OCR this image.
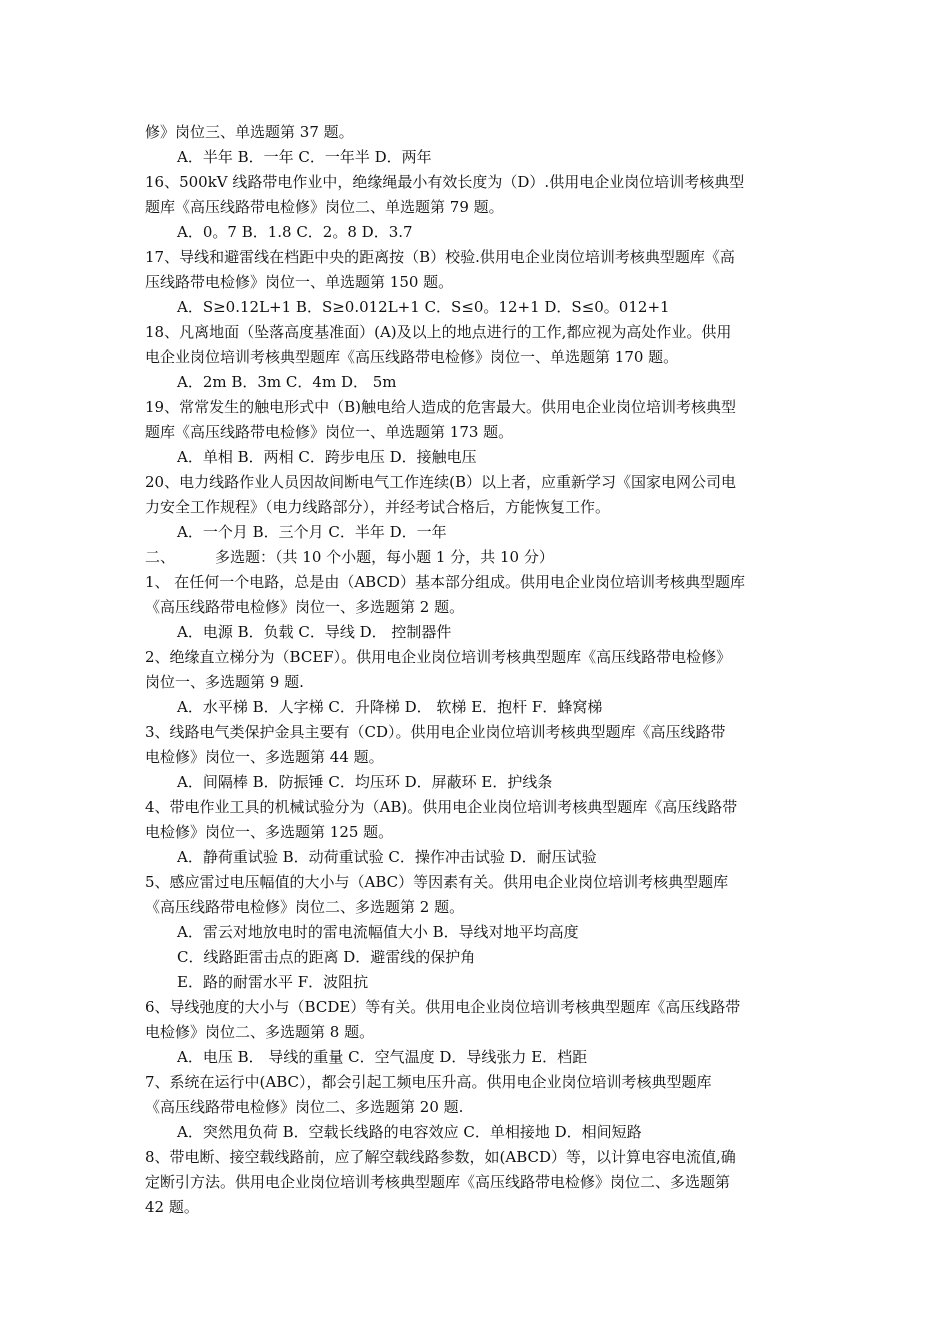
修》岗位三、单选题第 37 题。
A．半年 B．一年 C．一年半 D．两年
16、500kV 线路带电作业中，绝缘绳最小有效长度为（D）.供用电企业岗位培训考核典型
题库《高压线路带电检修》岗位二、单选题第 79 题。
A．0。7 B．1.8 C．2。8 D．3.7
17、导线和避雷线在档距中央的距离按（B）校验.供用电企业岗位培训考核典型题库《高
压线路带电检修》岗位一、单选题第 150 题。
A．S≥0.12L+1 B．S≥0.012L+1 C．S≤0。12+1 D．S≤0。012+1
18、凡离地面（坠落高度基准面）(A)及以上的地点进行的工作,都应视为高处作业。供用
电企业岗位培训考核典型题库《高压线路带电检修》岗位一、单选题第 170 题。
A．2m B．3m C．4m D． 5m
19、常常发生的触电形式中（B)触电给人造成的危害最大。供用电企业岗位培训考核典型
题库《高压线路带电检修》岗位一、单选题第 173 题。
A．单相 B．两相 C．跨步电压 D．接触电压
20、电力线路作业人员因故间断电气工作连续(B）以上者，应重新学习《国家电网公司电
力安全工作规程》（电力线路部分），并经考试合格后，方能恢复工作。
A．一个月 B．三个月 C．半年 D．一年
二、	多选题：（共 10 个小题，每小题 1 分，共 10 分）
1、 在任何一个电路，总是由（ABCD）基本部分组成。供用电企业岗位培训考核典型题库
《高压线路带电检修》岗位一、多选题第 2 题。
A．电源 B．负载 C．导线 D． 控制器件
2、绝缘直立梯分为（BCEF）。供用电企业岗位培训考核典型题库《高压线路带电检修》
岗位一、多选题第 9 题.
A．水平梯 B．人字梯 C．升降梯 D． 软梯 E．抱杆 F．蜂窝梯
3、线路电气类保护金具主要有（CD）。供用电企业岗位培训考核典型题库《高压线路带
电检修》岗位一、多选题第 44 题。
A．间隔棒 B．防振锤 C．均压环 D．屏蔽环 E．护线条
4、带电作业工具的机械试验分为（AB)。供用电企业岗位培训考核典型题库《高压线路带
电检修》岗位一、多选题第 125 题。
A．静荷重试验 B．动荷重试验 C．操作冲击试验 D．耐压试验
5、感应雷过电压幅值的大小与（ABC）等因素有关。供用电企业岗位培训考核典型题库
《高压线路带电检修》岗位二、多选题第 2 题。
A．雷云对地放电时的雷电流幅值大小 B．导线对地平均高度
C．线路距雷击点的距离 D．避雷线的保护角
E．路的耐雷水平 F．波阻抗
6、导线弛度的大小与（BCDE）等有关。供用电企业岗位培训考核典型题库《高压线路带
电检修》岗位二、多选题第 8 题。
A．电压 B． 导线的重量 C．空气温度 D．导线张力 E．档距
7、系统在运行中(ABC），都会引起工频电压升高。供用电企业岗位培训考核典型题库
《高压线路带电检修》岗位二、多选题第 20 题.
A．突然甩负荷 B．空载长线路的电容效应 C．单相接地 D．相间短路
8、带电断、接空载线路前，应了解空载线路参数，如(ABCD）等，以计算电容电流值,确
定断引方法。供用电企业岗位培训考核典型题库《高压线路带电检修》岗位二、多选题第
42 题。
